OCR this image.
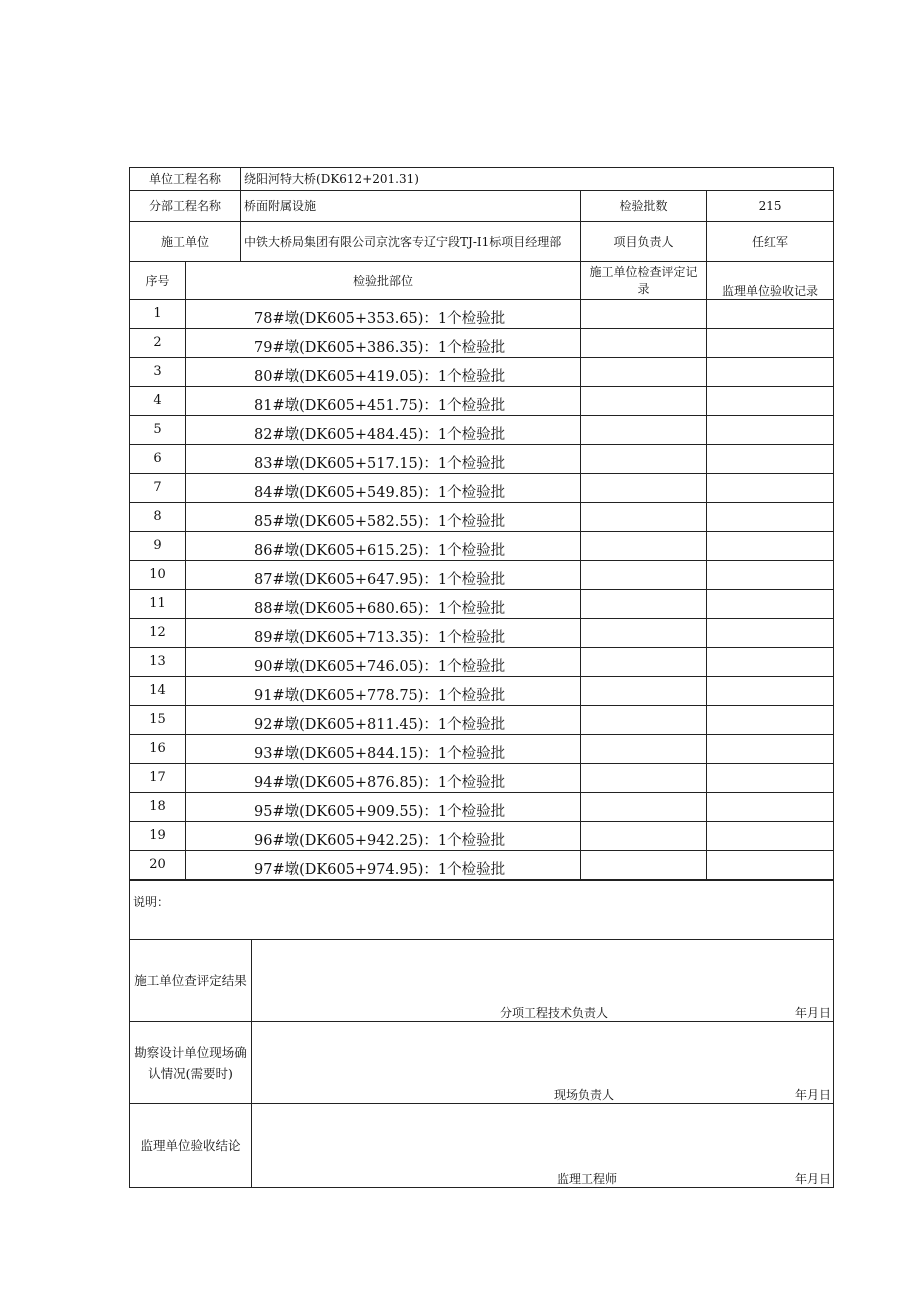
单位工程名称		绕阳河特大桥(DK612+201.31)		
分部工程名称		桥面附属设施	检验批数	215
施工单位		中铁大桥局集团有限公司京沈客专辽宁段TJ-I1标项目经理部	项目负责人	任红军
序号	检验批部位		施工单位检查评定记录	监理单位验收记录
1	78#墩(DK605+353.65)：1个检验批			
2	79#墩(DK605+386.35)：1个检验批			
3	80#墩(DK605+419.05)：1个检验批			
4	81#墩(DK605+451.75)：1个检验批			
5	82#墩(DK605+484.45)：1个检验批			
6	83#墩(DK605+517.15)：1个检验批			
7	84#墩(DK605+549.85)：1个检验批			
8	85#墩(DK605+582.55)：1个检验批			
9	86#墩(DK605+615.25)：1个检验批			
10	87#墩(DK605+647.95)：1个检验批			
11	88#墩(DK605+680.65)：1个检验批			
12	89#墩(DK605+713.35)：1个检验批			
13	90#墩(DK605+746.05)：1个检验批			
14	91#墩(DK605+778.75)：1个检验批			
15	92#墩(DK605+811.45)：1个检验批			
16	93#墩(DK605+844.15)：1个检验批			
17	94#墩(DK605+876.85)：1个检验批			
18	95#墩(DK605+909.55)：1个检验批			
19	96#墩(DK605+942.25)：1个检验批			
20	97#墩(DK605+974.95)：1个检验批			
说明：	
施工单位查评定结果	分项工程技术负责人 年月日

勘察设计单位现场确认情况(需要时)	现场负责人 年月日

监理单位验收结论	监理工程师 年月日
